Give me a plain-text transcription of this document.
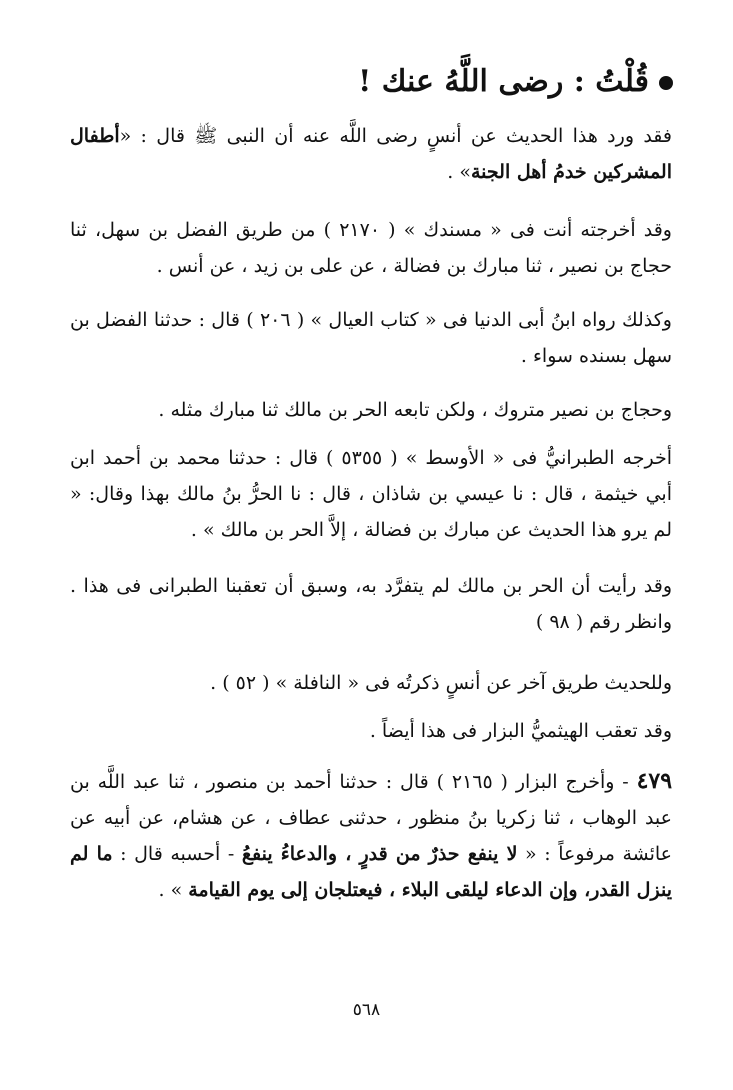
قُلْتُ : رضى اللَّهُ عنك !
فقد ورد هذا الحديث عن أنسٍ رضى اللَّه عنه أن النبى ﷺ قال : «أطفال المشركين خدمُ أهل الجنة» .
وقد أخرجته أنت فى « مسندك » ( ٢١٧٠ ) من طريق الفضل بن سهل، ثنا حجاج بن نصير ، ثنا مبارك بن فضالة ، عن على بن زيد ، عن أنس .
وكذلك رواه ابنُ أبى الدنيا فى « كتاب العيال » ( ٢٠٦ ) قال : حدثنا الفضل بن سهل بسنده سواء .
وحجاج بن نصير متروك ، ولكن تابعه الحر بن مالك ثنا مبارك مثله .
أخرجه الطبرانيُّ فى « الأوسط » ( ٥٣٥٥ ) قال : حدثنا محمد بن أحمد ابن أبي خيثمة ، قال : نا عيسي بن شاذان ، قال : نا الحرُّ بنُ مالك بهذا وقال: « لم يرو هذا الحديث عن مبارك بن فضالة ، إلاَّ الحر بن مالك » .
وقد رأيت أن الحر بن مالك لم يتفرَّد به، وسبق أن تعقبنا الطبرانى فى هذا . وانظر رقم ( ٩٨ )
وللحديث طريق آخر عن أنسٍ ذكرتُه فى « النافلة » ( ٥٢ ) .
وقد تعقب الهيثميُّ البزار فى هذا أيضاً .
٤٧٩ - وأخرج البزار ( ٢١٦٥ ) قال : حدثنا أحمد بن منصور ، ثنا عبد اللَّه بن عبد الوهاب ، ثنا زكريا بنُ منظور ، حدثنى عطاف ، عن هشام، عن أبيه عن عائشة مرفوعاً : « لا ينفع حذرٌ من قدرٍ ، والدعاءُ ينفعُ - أحسبه قال : ما لم ينزل القدر، وإن الدعاء ليلقى البلاء ، فيعتلجان إلى يوم القيامة » .
٥٦٨
